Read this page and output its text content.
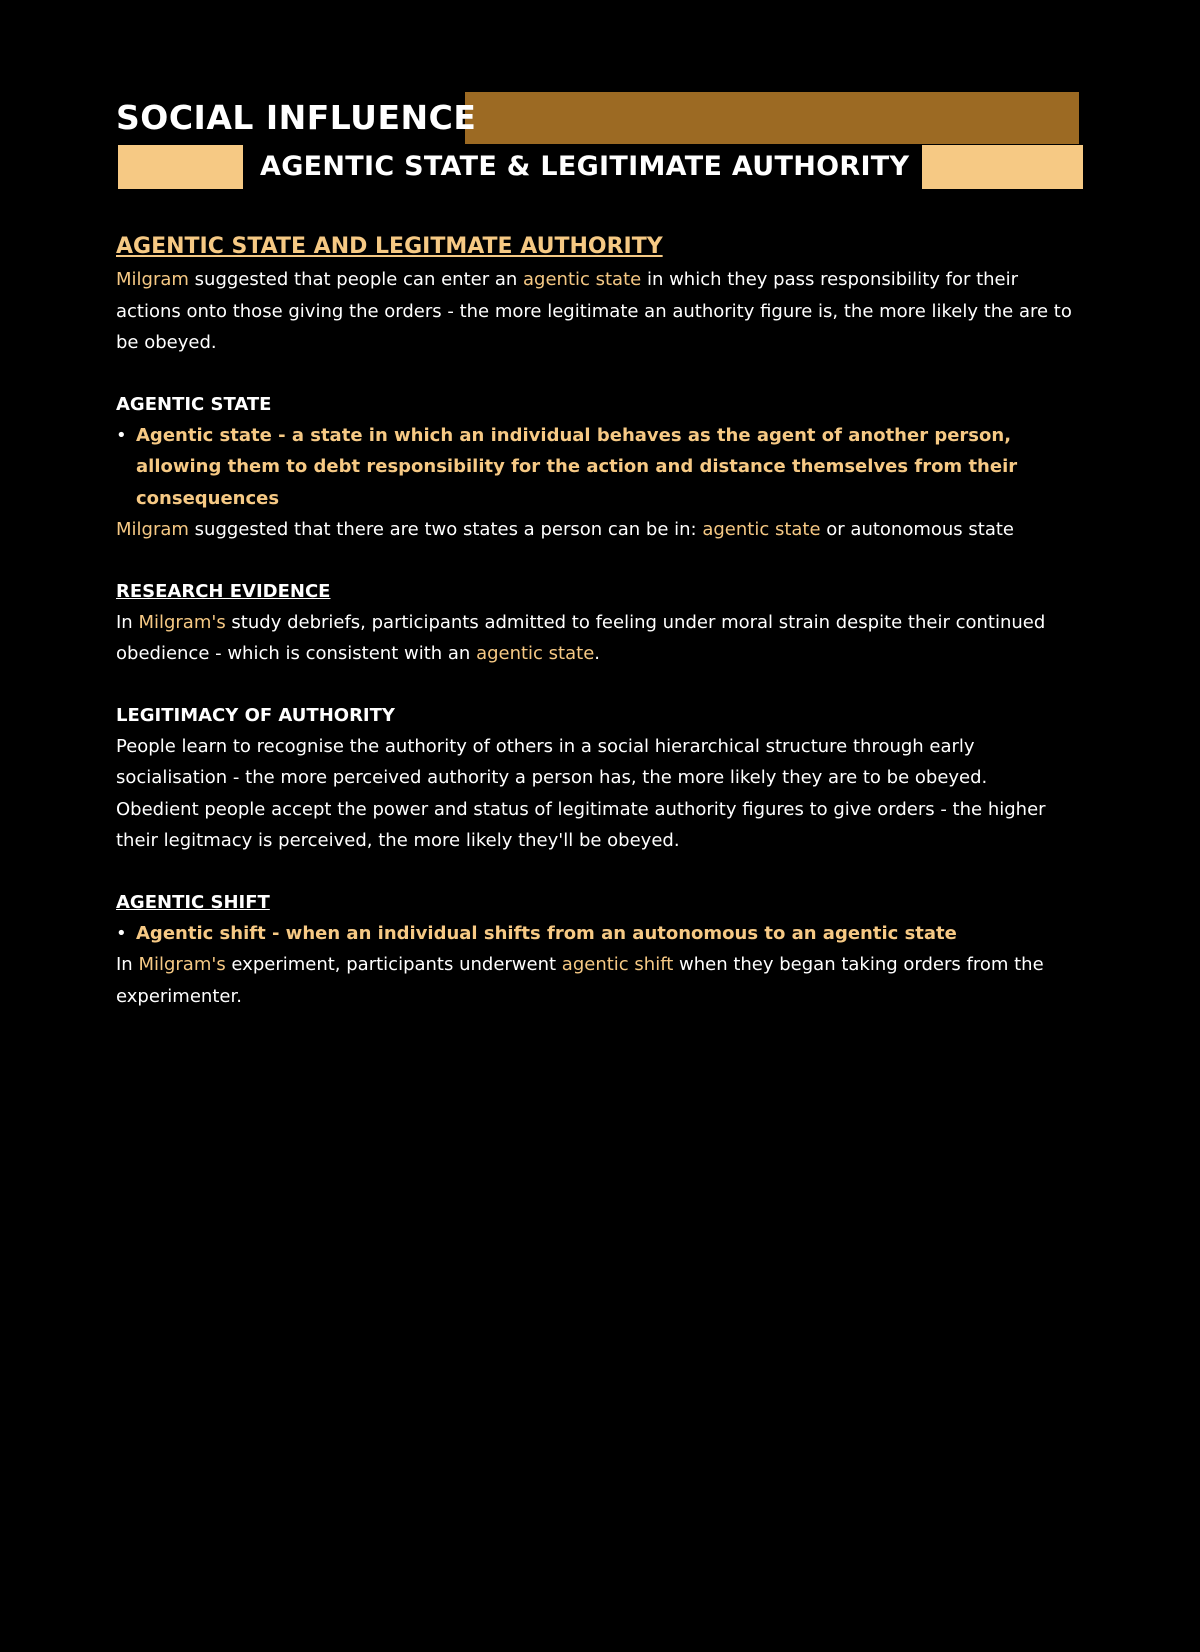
SOCIAL INFLUENCE
AGENTIC STATE & LEGITIMATE AUTHORITY
AGENTIC STATE AND LEGITMATE AUTHORITY

Milgram suggested that people can enter an agentic state in which they pass responsibility for their actions onto those giving the orders - the more legitimate an authority figure is, the more likely the are to be obeyed.

AGENTIC STATE
• Agentic state - a state in which an individual behaves as the agent of another person, allowing them to debt responsibility for the action and distance themselves from their consequences

Milgram suggested that there are two states a person can be in: agentic state or autonomous state

RESEARCH EVIDENCE

In Milgram's study debriefs, participants admitted to feeling under moral strain despite their continued obedience - which is consistent with an agentic state.

LEGITIMACY OF AUTHORITY

People learn to recognise the authority of others in a social hierarchical structure through early socialisation - the more perceived authority a person has, the more likely they are to be obeyed.

Obedient people accept the power and status of legitimate authority figures to give orders - the higher their legitmacy is perceived, the more likely they'll be obeyed.

AGENTIC SHIFT
• Agentic shift - when an individual shifts from an autonomous to an agentic state

In Milgram's experiment, participants underwent agentic shift when they began taking orders from the experimenter.
